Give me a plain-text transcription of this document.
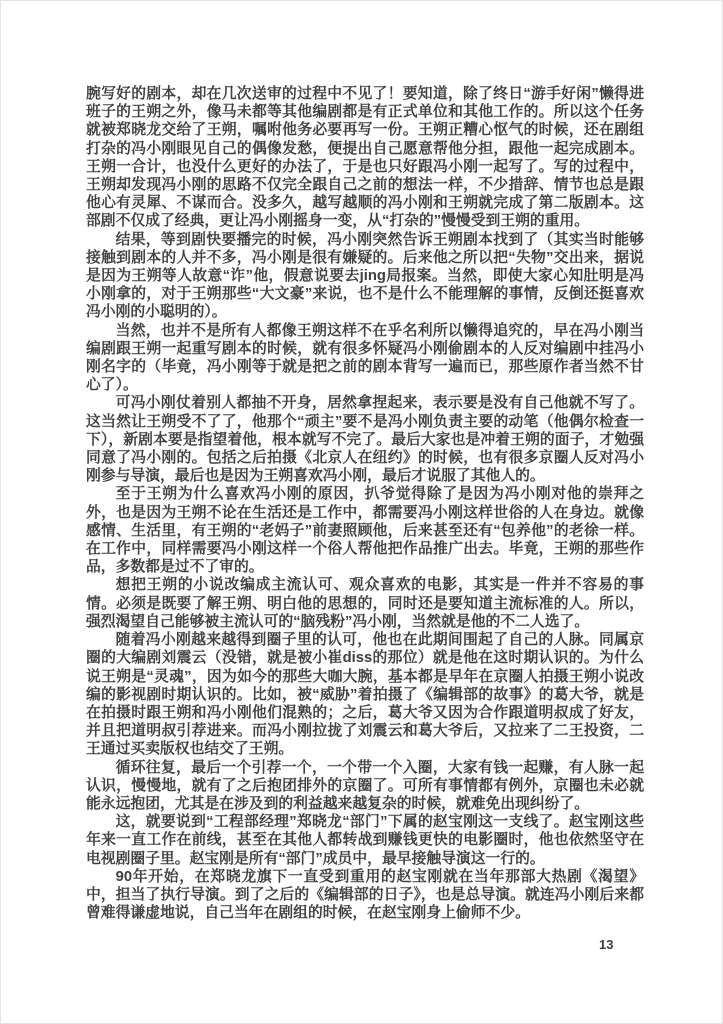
腕写好的剧本，却在几次送审的过程中不见了！要知道，除了终日“游手好闲”懒得进班子的王朔之外，像马未都等其他编剧都是有正式单位和其他工作的。所以这个任务就被郑晓龙交给了王朔，嘱咐他务必要再写一份。王朔正糟心怄气的时候，还在剧组打杂的冯小刚眼见自己的偶像发愁，便提出自己愿意帮他分担，跟他一起完成剧本。王朔一合计，也没什么更好的办法了，于是也只好跟冯小刚一起写了。写的过程中，王朔却发现冯小刚的思路不仅完全跟自己之前的想法一样，不少措辞、情节也总是跟他心有灵犀、不谋而合。没多久，越写越顺的冯小刚和王朔就完成了第二版剧本。这部剧不仅成了经典，更让冯小刚摇身一变，从“打杂的”慢慢受到王朔的重用。

结果，等到剧快要播完的时候，冯小刚突然告诉王朔剧本找到了（其实当时能够接触到剧本的人并不多，冯小刚是很有嫌疑的。后来他之所以把“失物”交出来，据说是因为王朔等人故意“诈”他，假意说要去jing局报案。当然，即使大家心知肚明是冯小刚拿的，对于王朔那些“大文豪”来说，也不是什么不能理解的事情，反倒还挺喜欢冯小刚的小聪明的）。

当然，也并不是所有人都像王朔这样不在乎名利所以懒得追究的，早在冯小刚当编剧跟王朔一起重写剧本的时候，就有很多怀疑冯小刚偷剧本的人反对编剧中挂冯小刚名字的（毕竟，冯小刚等于就是把之前的剧本背写一遍而已，那些原作者当然不甘心了）。

可冯小刚仗着别人都抽不开身，居然拿捏起来，表示要是没有自己他就不写了。这当然让王朔受不了了，他那个“顽主”要不是冯小刚负责主要的动笔（他偶尔检查一下），新剧本要是指望着他，根本就写不完了。最后大家也是冲着王朔的面子，才勉强同意了冯小刚的。包括之后拍摄《北京人在纽约》的时候，也有很多京圈人反对冯小刚参与导演，最后也是因为王朔喜欢冯小刚，最后才说服了其他人的。

至于王朔为什么喜欢冯小刚的原因，扒爷觉得除了是因为冯小刚对他的崇拜之外，也是因为王朔不论在生活还是工作中，都需要冯小刚这样世俗的人在身边。就像感情、生活里，有王朔的“老妈子”前妻照顾他，后来甚至还有“包养他”的老徐一样。在工作中，同样需要冯小刚这样一个俗人帮他把作品推广出去。毕竟，王朔的那些作品，多数都是过不了审的。

想把王朔的小说改编成主流认可、观众喜欢的电影，其实是一件并不容易的事情。必须是既要了解王朔、明白他的思想的，同时还是要知道主流标准的人。所以，强烈渴望自己能够被主流认可的“脑残粉”冯小刚，当然就是他的不二人选了。

随着冯小刚越来越得到圈子里的认可，他也在此期间围起了自己的人脉。同属京圈的大编剧刘震云（没错，就是被小崔diss的那位）就是他在这时期认识的。为什么说王朔是“灵魂”，因为如今的那些大咖大腕，基本都是早年在京圈人拍摄王朔小说改编的影视剧时期认识的。比如，被“威胁”着拍摄了《编辑部的故事》的葛大爷，就是在拍摄时跟王朔和冯小刚他们混熟的；之后，葛大爷又因为合作跟道明叔成了好友，并且把道明叔引荐进来。而冯小刚拉拢了刘震云和葛大爷后，又拉来了二王投资，二王通过买卖版权也结交了王朔。

循环往复，最后一个引荐一个，一个带一个入圈，大家有钱一起赚，有人脉一起认识，慢慢地，就有了之后抱团排外的京圈了。可所有事情都有例外，京圈也未必就能永远抱团，尤其是在涉及到的利益越来越复杂的时候，就难免出现纠纷了。

这，就要说到“工程部经理”郑晓龙“部门”下属的赵宝刚这一支线了。赵宝刚这些年来一直工作在前线，甚至在其他人都转战到赚钱更快的电影圈时，他也依然坚守在电视剧圈子里。赵宝刚是所有“部门”成员中，最早接触导演这一行的。

90年开始，在郑晓龙旗下一直受到重用的赵宝刚就在当年那部大热剧《渴望》中，担当了执行导演。到了之后的《编辑部的日子》，也是总导演。就连冯小刚后来都曾难得谦虚地说，自己当年在剧组的时候，在赵宝刚身上偷师不少。

13
